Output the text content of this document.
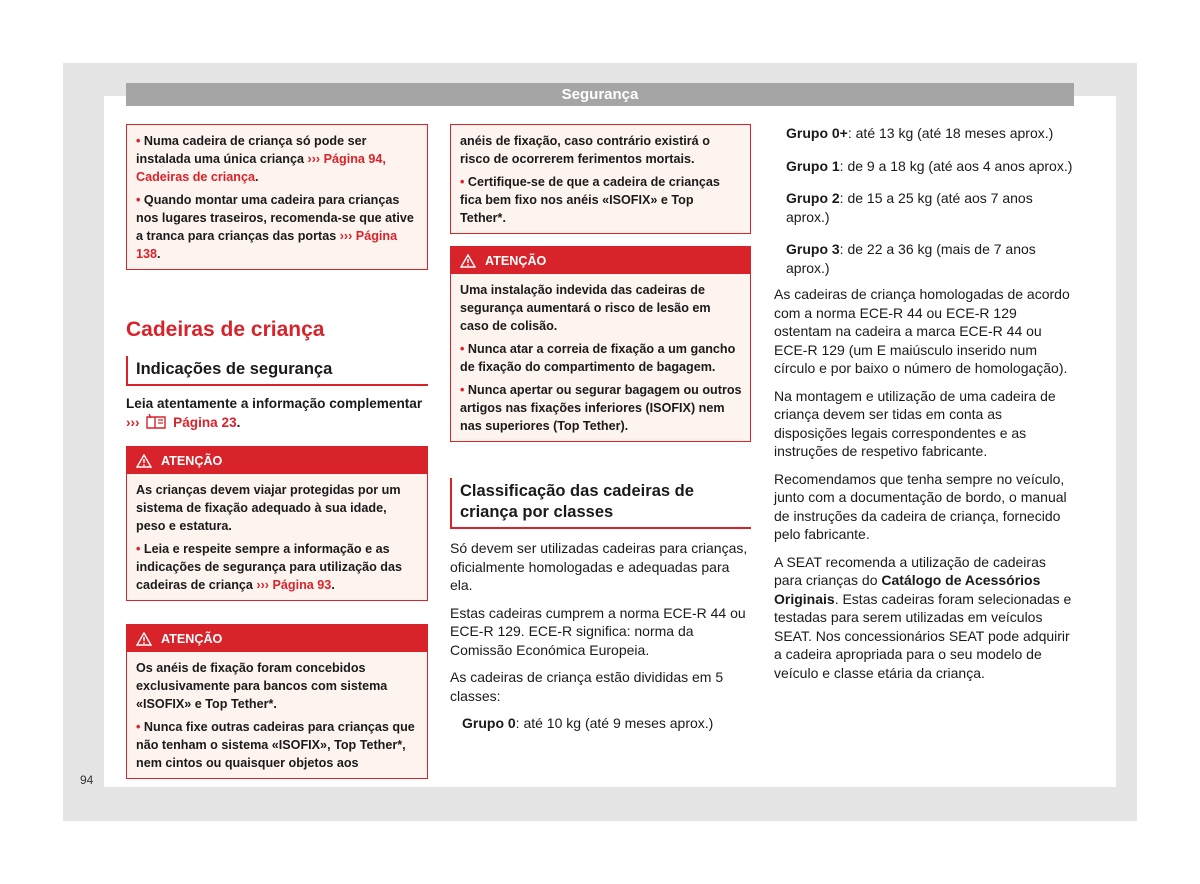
Segurança
94

• Numa cadeira de criança só pode ser instalada uma única criança ››› Página 94, Cadeiras de criança.

• Quando montar uma cadeira para crianças nos lugares traseiros, recomenda-se que ative a tranca para crianças das portas ››› Página 138.

Cadeiras de criança
Indicações de segurança

Leia atentamente a informação complementar ››› Página 23.

ATENÇÃO

As crianças devem viajar protegidas por um sistema de fixação adequado à sua idade, peso e estatura.

• Leia e respeite sempre a informação e as indicações de segurança para utilização das cadeiras de criança ››› Página 93.

ATENÇÃO

Os anéis de fixação foram concebidos exclusivamente para bancos com sistema «ISOFIX» e Top Tether*.

• Nunca fixe outras cadeiras para crianças que não tenham o sistema «ISOFIX», Top Tether*, nem cintos ou quaisquer objetos aos

anéis de fixação, caso contrário existirá o risco de ocorrerem ferimentos mortais.

• Certifique-se de que a cadeira de crianças fica bem fixo nos anéis «ISOFIX» e Top Tether*.

ATENÇÃO

Uma instalação indevida das cadeiras de segurança aumentará o risco de lesão em caso de colisão.

• Nunca atar a correia de fixação a um gancho de fixação do compartimento de bagagem.

• Nunca apertar ou segurar bagagem ou outros artigos nas fixações inferiores (ISOFIX) nem nas superiores (Top Tether).

Classificação das cadeiras de criança por classes

Só devem ser utilizadas cadeiras para crianças, oficialmente homologadas e adequadas para ela.

Estas cadeiras cumprem a norma ECE-R 44 ou ECE-R 129. ECE-R significa: norma da Comissão Económica Europeia.

As cadeiras de criança estão divididas em 5 classes:

Grupo 0: até 10 kg (até 9 meses aprox.)

Grupo 0+: até 13 kg (até 18 meses aprox.)

Grupo 1: de 9 a 18 kg (até aos 4 anos aprox.)

Grupo 2: de 15 a 25 kg (até aos 7 anos aprox.)

Grupo 3: de 22 a 36 kg (mais de 7 anos aprox.)

As cadeiras de criança homologadas de acordo com a norma ECE-R 44 ou ECE-R 129 ostentam na cadeira a marca ECE-R 44 ou ECE-R 129 (um E maiúsculo inserido num círculo e por baixo o número de homologação).

Na montagem e utilização de uma cadeira de criança devem ser tidas em conta as disposições legais correspondentes e as instruções de respetivo fabricante.

Recomendamos que tenha sempre no veículo, junto com a documentação de bordo, o manual de instruções da cadeira de criança, fornecido pelo fabricante.

A SEAT recomenda a utilização de cadeiras para crianças do Catálogo de Acessórios Originais. Estas cadeiras foram selecionadas e testadas para serem utilizadas em veículos SEAT. Nos concessionários SEAT pode adquirir a cadeira apropriada para o seu modelo de veículo e classe etária da criança.
